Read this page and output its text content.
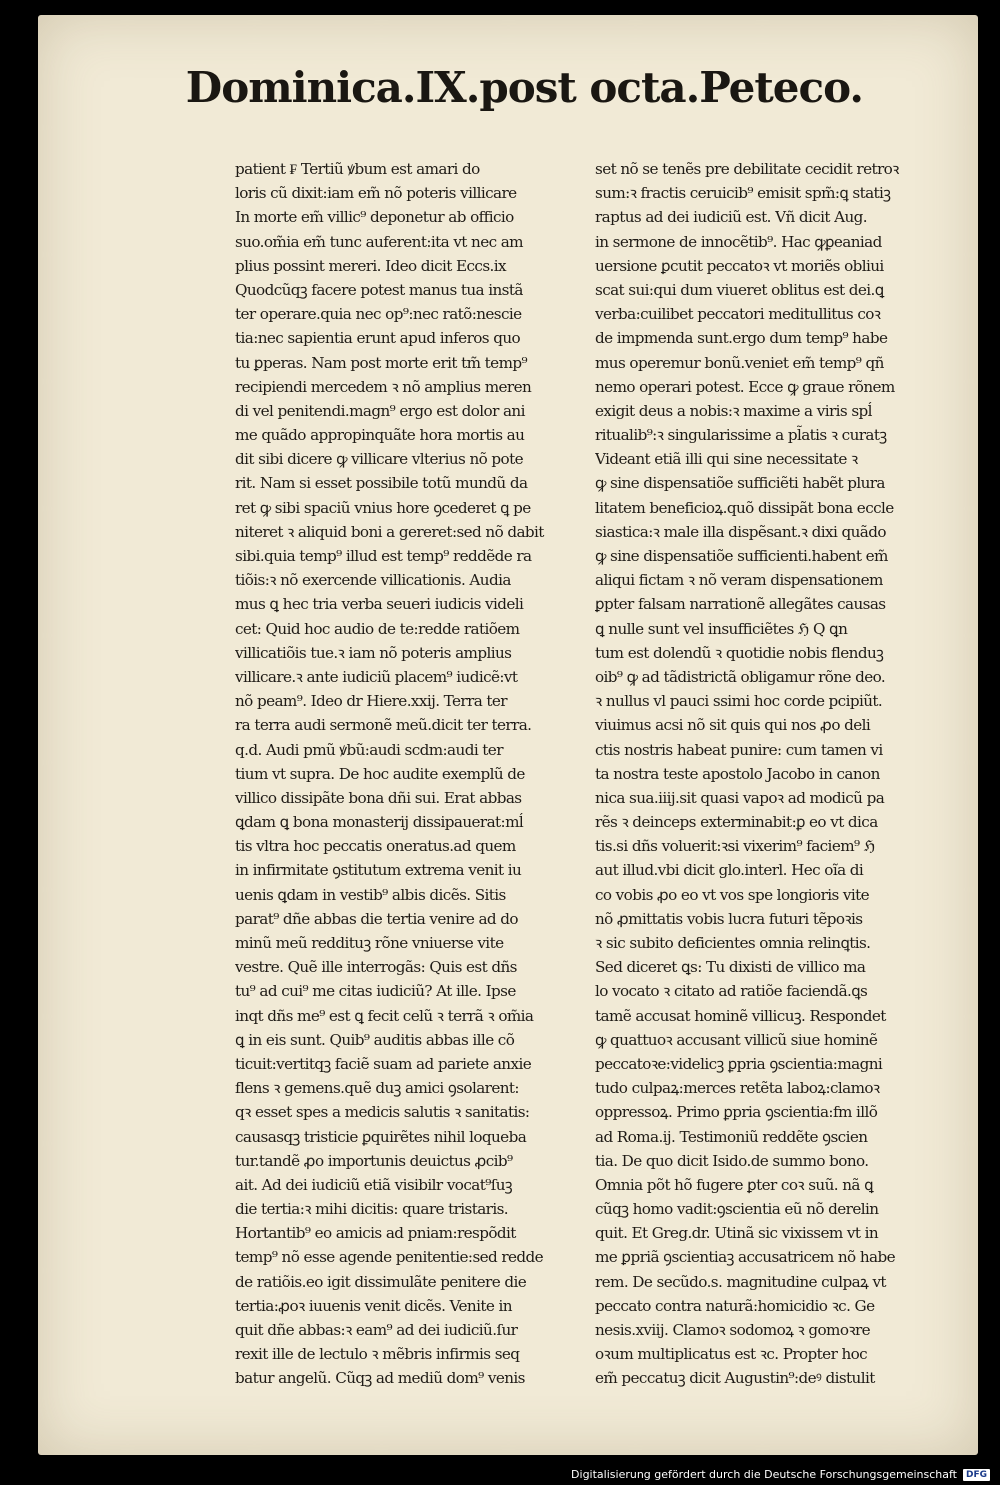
Dominica.IX.post octa.Peteco.
patient ₣ Tertiũ ꝟbum est amari do
loris cũ dixit:iam em̃ nõ poteris villicare
In morte em̃ villic⁹ deponetur ab officio
suo.om̃ia em̃ tunc auferent:ita vt nec am
plius possint mereri. Ideo dicit Eccs.ix
Quodcũqꝫ facere potest manus tua instã
ter operare.quia nec op⁹:nec ratõ:nescie
tia:nec sapientia erunt apud inferos quo
tu ꝑperas. Nam post morte erit tm̃ temp⁹
recipiendi mercedem ꝛ nõ amplius meren
di vel penitendi.magn⁹ ergo est dolor ani
me quãdo appropinquãte hora mortis au
dit sibi dicere ꝙ villicare vlterius nõ pote
rit. Nam si esset possibile totũ mundũ da
ret ꝙ sibi spaciũ vnius hore ꝯcederet ꝗ pe
niteret ꝛ aliquid boni a gereret:sed nõ dabit
sibi.quia temp⁹ illud est temp⁹ reddẽde ra
tiõis:ꝛ nõ exercende villicationis. Audia
mus ꝗ hec tria verba seueri iudicis videli
cet: Quid hoc audio de te:redde ratiõem
villicatiõis tue.ꝛ iam nõ poteris amplius
villicare.ꝛ ante iudiciũ placem⁹ iudicẽ:vt
nõ peam⁹. Ideo dr Hiere.xxij. Terra ter
ra terra audi sermonẽ meũ.dicit ter terra.
q.d. Audi pmũ ꝟbũ:audi scdm:audi ter
tium vt supra. De hoc audite exemplũ de
villico dissipãte bona dñi sui. Erat abbas
ꝗdam ꝗ bona monasterij dissipauerat:mĺ
tis vltra hoc peccatis oneratus.ad quem
in infirmitate ꝯstitutum extrema venit iu
uenis ꝗdam in vestib⁹ albis dicẽs. Sitis
parat⁹ dñe abbas die tertia venire ad do
minũ meũ reddituꝫ rõne vniuerse vite
vestre. Quẽ ille interrogãs: Quis est dñs
tu⁹ ad cui⁹ me citas iudiciũ? At ille. Ipse
inqt dñs me⁹ est ꝗ fecit celũ ꝛ terrã ꝛ om̃ia
ꝗ in eis sunt. Quib⁹ auditis abbas ille cõ
ticuit:vertitqꝫ faciẽ suam ad pariete anxie
flens ꝛ gemens.quẽ duꝫ amici ꝯsolarent:
qꝛ esset spes a medicis salutis ꝛ sanitatis:
causasqꝫ tristicie ꝑquirẽtes nihil loqueba
tur.tandẽ ꝓo importunis deuictus ꝓcib⁹
ait. Ad dei iudiciũ etiã visibilr vocat⁹ſuꝫ
die tertia:ꝛ mihi dicitis: quare tristaris.
Hortantib⁹ eo amicis ad pniam:respõdit
temp⁹ nõ esse agende penitentie:sed redde
de ratiõis.eo igit dissimulãte penitere die
tertia:ꝓoꝛ iuuenis venit dicẽs. Venite in
quit dñe abbas:ꝛ eam⁹ ad dei iudiciũ.ſur
rexit ille de lectulo ꝛ mẽbris infirmis seq
batur angelũ. Cũqꝫ ad mediũ dom⁹ venis
set nõ se tenẽs pre debilitate cecidit retroꝛ
sum:ꝛ fractis ceruicib⁹ emisit spm̃:ꝗ statiꝫ
raptus ad dei iudiciũ est. Vñ dicit Aug.
in sermone de innocẽtib⁹. Hac ꝙꝑeaniad
uersione ꝑcutit peccatoꝛ vt moriẽs obliui
scat sui:qui dum viueret oblitus est dei.ꝗ
verba:cuilibet peccatori meditullitus coꝛ
de impmenda sunt.ergo dum temp⁹ habe
mus operemur bonũ.veniet em̃ temp⁹ qñ
nemo operari potest. Ecce ꝙ graue rõnem
exigit deus a nobis:ꝛ maxime a viris spĺ
ritualib⁹:ꝛ singularissime a pl̃atis ꝛ curatꝫ
Videant etiã illi qui sine necessitate ꝛ
ꝙ sine dispensatiõe sufficiẽti habẽt plura
litatem beneficioꝝ.quõ dissipãt bona eccle
siastica:ꝛ male illa dispẽsant.ꝛ dixi quãdo
ꝙ sine dispensatiõe sufficienti.habent em̃
aliqui fictam ꝛ nõ veram dispensationem
ꝑpter falsam narrationẽ allegãtes causas
ꝗ nulle sunt vel insufficiẽtes ℌ Q ꝗn
tum est dolendũ ꝛ quotidie nobis flenduꝫ
oib⁹ ꝙ ad tãdistrictã obligamur rõne deo.
ꝛ nullus vl pauci ssimi hoc corde pcipiũt.
viuimus acsi nõ sit quis qui nos ꝓo deli
ctis nostris habeat punire: cum tamen vi
ta nostra teste apostolo Jacobo in canon
nica sua.iiij.sit quasi vapoꝛ ad modicũ pa
rẽs ꝛ deinceps exterminabit:ꝑ eo vt dica
tis.si dñs voluerit:ꝛsi vixerim⁹ faciem⁹ ℌ
aut illud.vbi dicit glo.interl. Hec oĩa di
co vobis ꝓo eo vt vos spe longioris vite
nõ ꝓmittatis vobis lucra futuri tẽpoꝛis
ꝛ sic subito deficientes omnia relinꝗtis.
Sed diceret ꝗs: Tu dixisti de villico ma
lo vocato ꝛ citato ad ratiõe faciendã.ꝗs
tamẽ accusat hominẽ villicuꝫ. Respondet
ꝙ quattuoꝛ accusant villicũ siue hominẽ
peccatoꝛe:videlicꝫ ꝑpria ꝯscientia:magni
tudo culpaꝝ:merces retẽta laboꝝ:clamoꝛ
oppressoꝝ. Primo ꝑpria ꝯscientia:fm illõ
ad Roma.ij. Testimoniũ reddẽte ꝯscien
tia. De quo dicit Isido.de summo bono.
Omnia põt hõ fugere ꝑter coꝛ suũ. nã ꝗ
cũqꝫ homo vadit:ꝯscientia eũ nõ derelin
quit. Et Greg.dr. Utinã sic vixissem vt in
me ꝑpriã ꝯscientiaꝫ accusatricem nõ habe
rem. De secũdo.s. magnitudine culpaꝝ vt
peccato contra naturã:homicidio ꝛc. Ge
nesis.xviij. Clamoꝛ sodomoꝝ ꝛ gomoꝛre
oꝛum multiplicatus est ꝛc. Propter hoc
em̃ peccatuꝫ dicit Augustin⁹:deꝰ distulit
Digitalisierung gefördert durch die Deutsche Forschungsgemeinschaft	DFG
